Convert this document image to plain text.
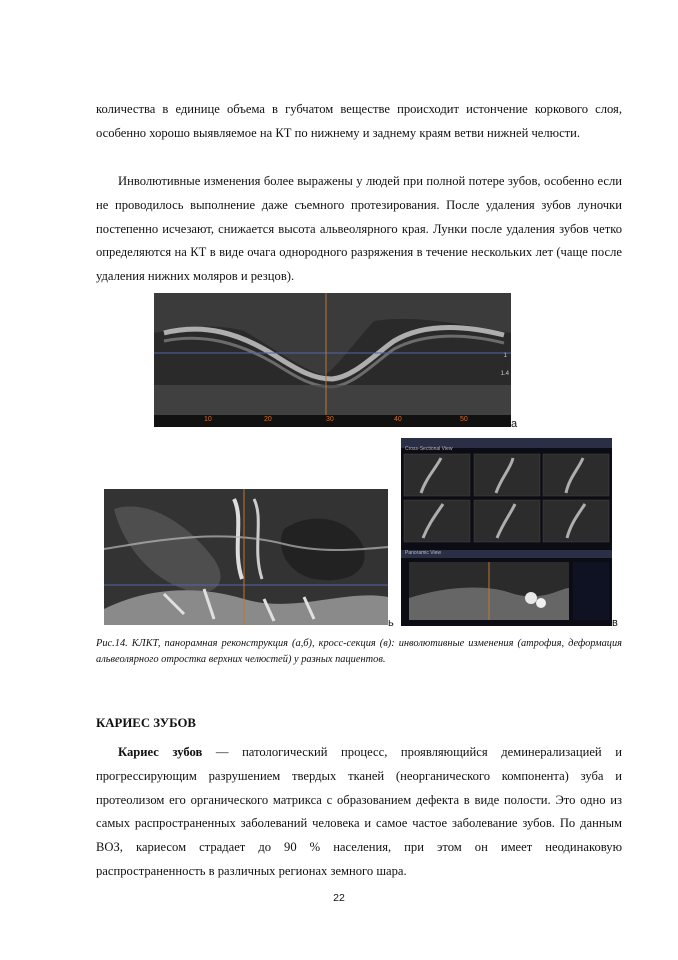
количества в единице объема в губчатом веществе происходит истончение коркового слоя, особенно хорошо выявляемое на КТ по нижнему и заднему краям ветви нижней челюсти.

Инволютивные изменения более выражены у людей при полной потере зубов, особенно если не проводилось выполнение даже съемного протезирования. После удаления зубов луночки постепенно исчезают, снижается высота альвеолярного края. Лунки после удаления зубов четко определяются на КТ в виде очага однородного разряжения в течение нескольких лет (чаще после удаления нижних моляров и резцов).

10	20	30	40	50
1
1.4
а
ь
Cross-Sectional View
Panoramic View
в

Рис.14. КЛКТ, панорамная реконструкция (а,б), кросс-секция (в): инволютивные изменения (атрофия, деформация альвеолярного отростка верхних челюстей) у разных пациентов.

КАРИЕС ЗУБОВ

Кариес зубов — патологический процесс, проявляющийся деминерализацией и прогрессирующим разрушением твердых тканей (неорганического компонента) зуба и протеолизом его органического матрикса с образованием дефекта в виде полости. Это одно из самых распространенных заболеваний человека и самое частое заболевание зубов. По данным ВОЗ, кариесом страдает до 90 % населения, при этом он имеет неодинаковую распространенность в различных регионах земного шара.

22
